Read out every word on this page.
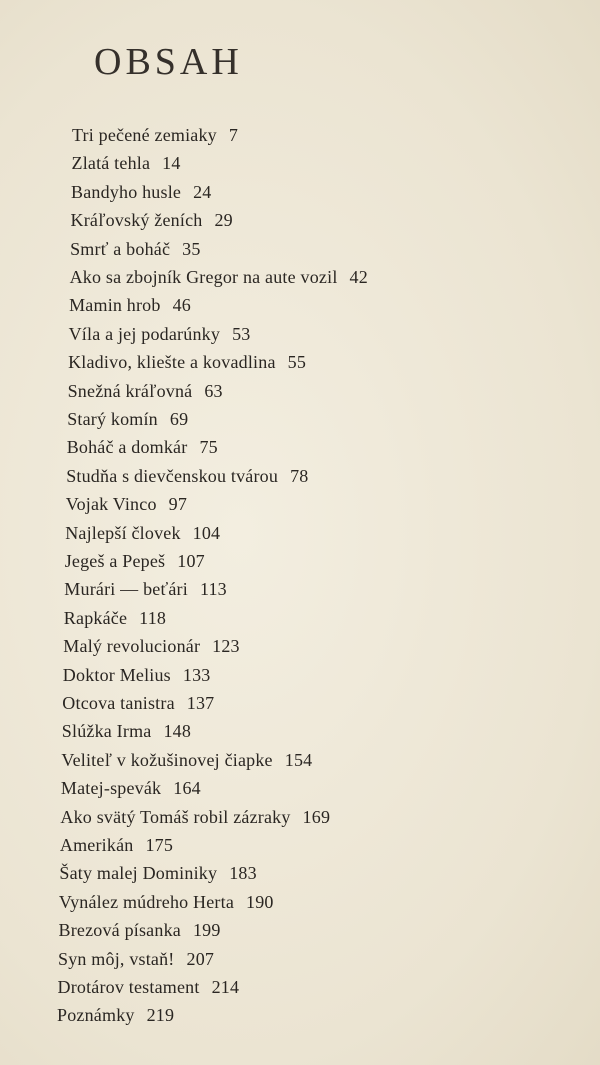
OBSAH
Tri pečené zemiaky 7
Zlatá tehla 14
Bandyho husle 24
Kráľovský ženích 29
Smrť a boháč 35
Ako sa zbojník Gregor na aute vozil 42
Mamin hrob 46
Víla a jej podarúnky 53
Kladivo, kliešte a kovadlina 55
Snežná kráľovná 63
Starý komín 69
Boháč a domkár 75
Studňa s dievčenskou tvárou 78
Vojak Vinco 97
Najlepší človek 104
Jegeš a Pepeš 107
Murári — beťári 113
Rapkáče 118
Malý revolucionár 123
Doktor Melius 133
Otcova tanistra 137
Slúžka Irma 148
Veliteľ v kožušinovej čiapke 154
Matej-spevák 164
Ako svätý Tomáš robil zázraky 169
Amerikán 175
Šaty malej Dominiky 183
Vynález múdreho Herta 190
Brezová písanka 199
Syn môj, vstaň! 207
Drotárov testament 214
Poznámky 219
